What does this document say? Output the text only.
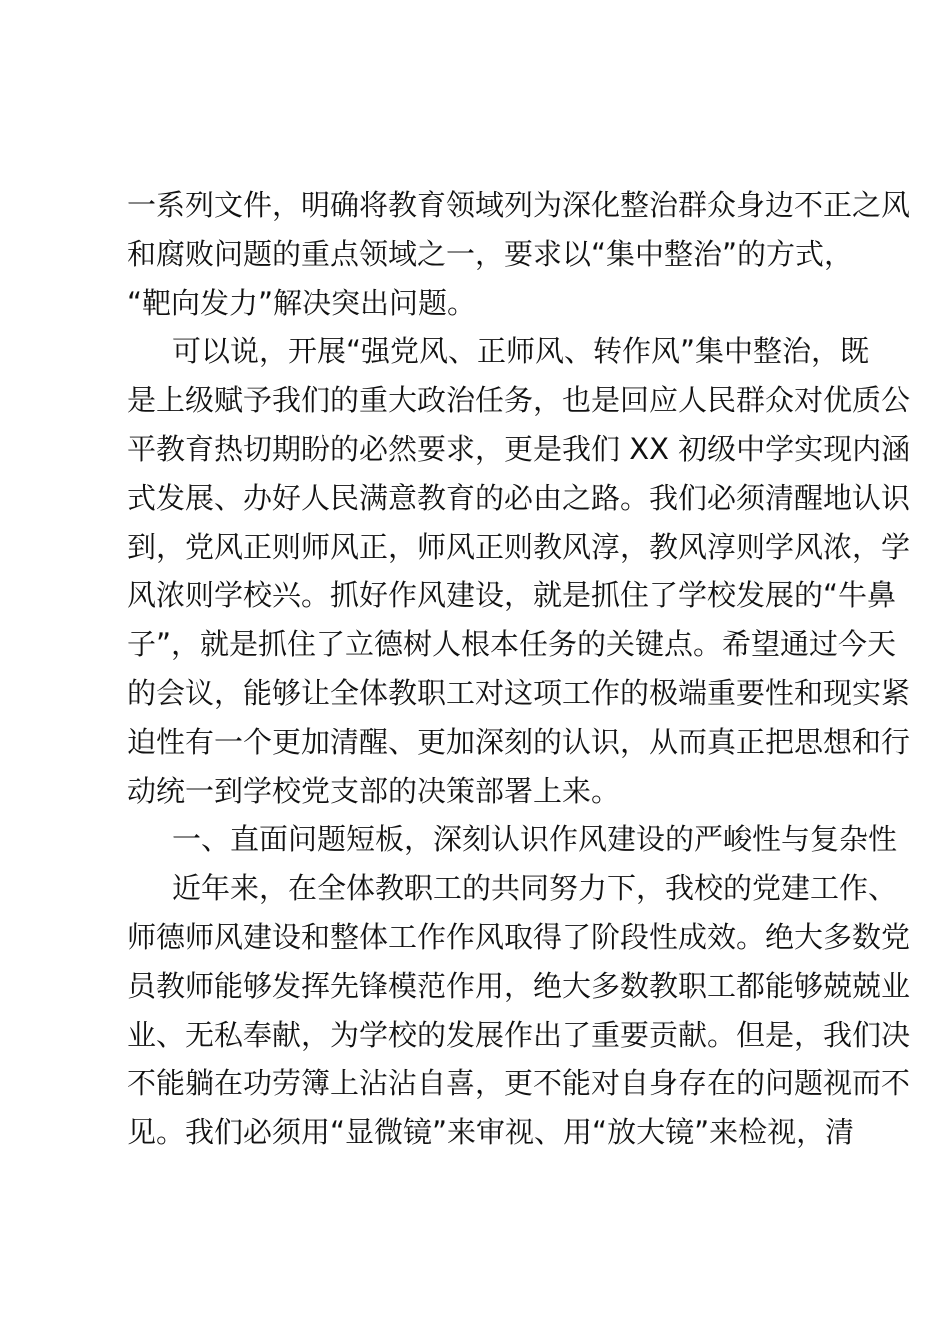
一系列文件，明确将教育领域列为深化整治群众身边不正之风
和腐败问题的重点领域之一，要求以“集中整治”的方式，
“靶向发力”解决突出问题。
可以说，开展“强党风、正师风、转作风”集中整治，既
是上级赋予我们的重大政治任务，也是回应人民群众对优质公
平教育热切期盼的必然要求，更是我们 XX 初级中学实现内涵
式发展、办好人民满意教育的必由之路。我们必须清醒地认识
到，党风正则师风正，师风正则教风淳，教风淳则学风浓，学
风浓则学校兴。抓好作风建设，就是抓住了学校发展的“牛鼻
子”，就是抓住了立德树人根本任务的关键点。希望通过今天
的会议，能够让全体教职工对这项工作的极端重要性和现实紧
迫性有一个更加清醒、更加深刻的认识，从而真正把思想和行
动统一到学校党支部的决策部署上来。
一、直面问题短板，深刻认识作风建设的严峻性与复杂性
近年来，在全体教职工的共同努力下，我校的党建工作、
师德师风建设和整体工作作风取得了阶段性成效。绝大多数党
员教师能够发挥先锋模范作用，绝大多数教职工都能够兢兢业
业、无私奉献，为学校的发展作出了重要贡献。但是，我们决
不能躺在功劳簿上沾沾自喜，更不能对自身存在的问题视而不
见。我们必须用“显微镜”来审视、用“放大镜”来检视，清
